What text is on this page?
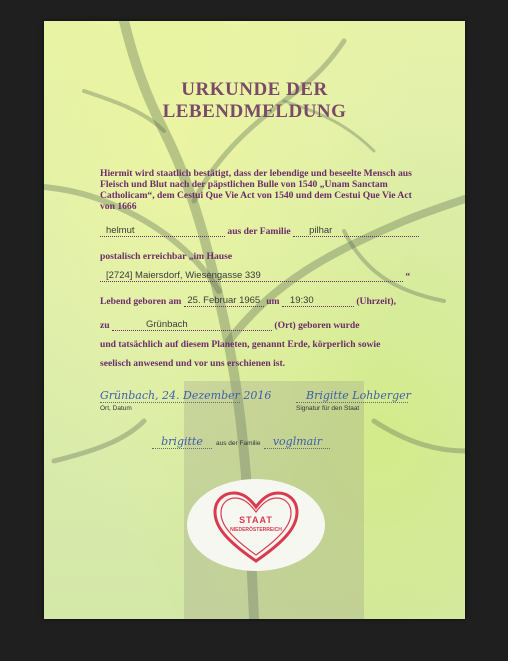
URKUNDE DER
LEBENDMELDUNG
Hiermit wird staatlich bestätigt, dass der lebendige und beseelte Mensch aus Fleisch und Blut nach der päpstlichen Bulle von 1540 „Unam Sanctam Catholicam“, dem Cestui Que Vie Act von 1540 und dem Cestui Que Vie Act von 1666
helmut	aus der Familie pilhar
postalisch erreichbar „im Hause
[2724] Maiersdorf, Wiesengasse 339	“
Lebend geboren am 25. Februar 1965 um 19:30	(Uhrzeit),
zu	Grünbach	(Ort) geboren wurde
und tatsächlich auf diesem Planeten, genannt Erde, körperlich sowie
seelisch anwesend und vor uns erschienen ist.
Grünbach, 24. Dezember 2016
Ort, Datum
Brigitte Lohberger
Signatur für den Staat
brigitte aus der Familie voglmair
STAAT
NIEDERÖSTERREICH
